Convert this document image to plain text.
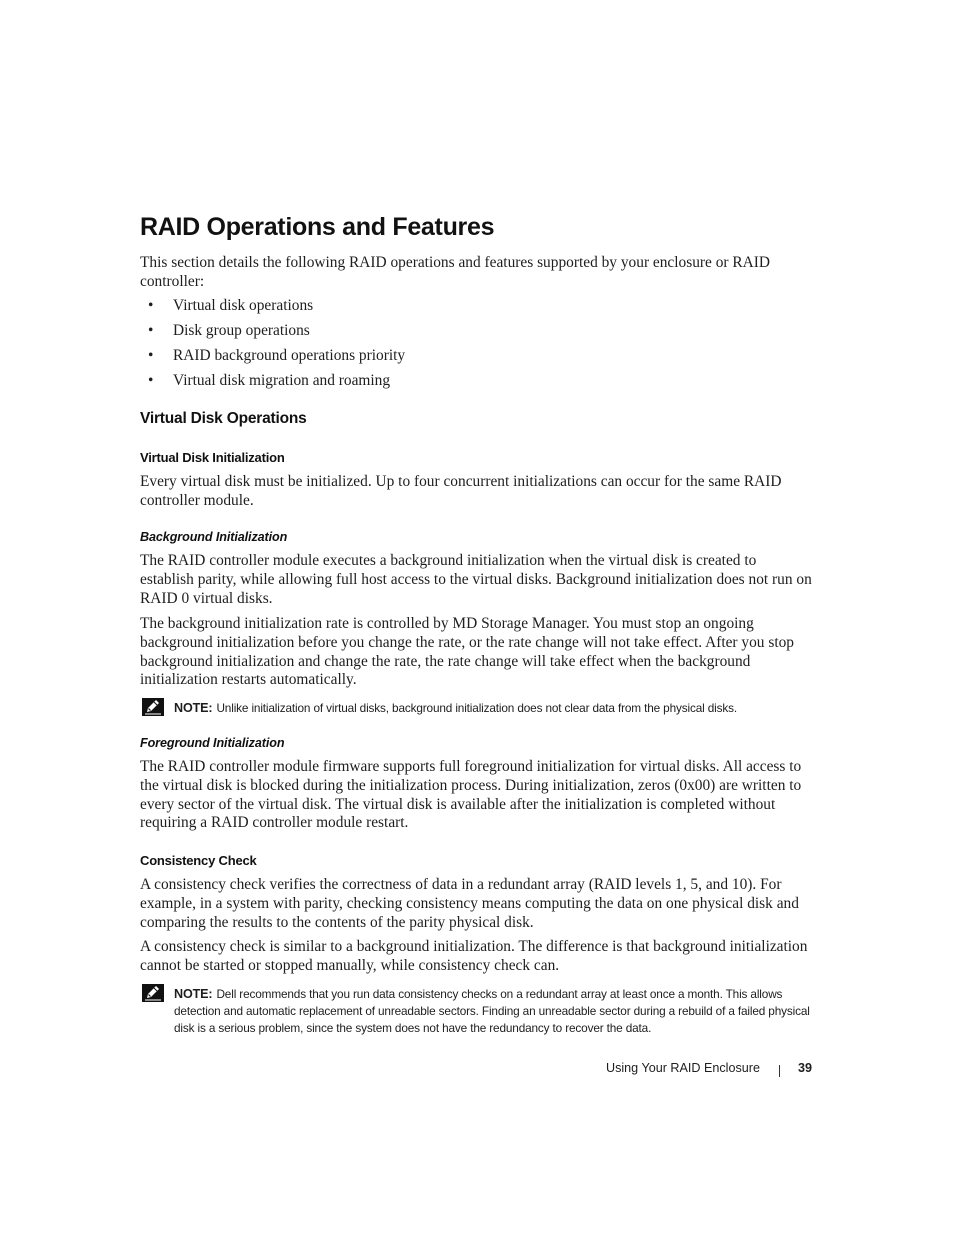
RAID Operations and Features

This section details the following RAID operations and features supported by your enclosure or RAID controller:

• Virtual disk operations
• Disk group operations
• RAID background operations priority
• Virtual disk migration and roaming
Virtual Disk Operations
Virtual Disk Initialization

Every virtual disk must be initialized. Up to four concurrent initializations can occur for the same RAID controller module.

Background Initialization

The RAID controller module executes a background initialization when the virtual disk is created to establish parity, while allowing full host access to the virtual disks. Background initialization does not run on RAID 0 virtual disks.

The background initialization rate is controlled by MD Storage Manager. You must stop an ongoing background initialization before you change the rate, or the rate change will not take effect. After you stop background initialization and change the rate, the rate change will take effect when the background initialization restarts automatically.

NOTE: Unlike initialization of virtual disks, background initialization does not clear data from the physical disks.
Foreground Initialization

The RAID controller module firmware supports full foreground initialization for virtual disks. All access to the virtual disk is blocked during the initialization process. During initialization, zeros (0x00) are written to every sector of the virtual disk. The virtual disk is available after the initialization is completed without requiring a RAID controller module restart.

Consistency Check

A consistency check verifies the correctness of data in a redundant array (RAID levels 1, 5, and 10). For example, in a system with parity, checking consistency means computing the data on one physical disk and comparing the results to the contents of the parity physical disk.

A consistency check is similar to a background initialization. The difference is that background initialization cannot be started or stopped manually, while consistency check can.

NOTE: Dell recommends that you run data consistency checks on a redundant array at least once a month. This allows detection and automatic replacement of unreadable sectors. Finding an unreadable sector during a rebuild of a failed physical disk is a serious problem, since the system does not have the redundancy to recover the data.
Using Your RAID Enclosure	39
